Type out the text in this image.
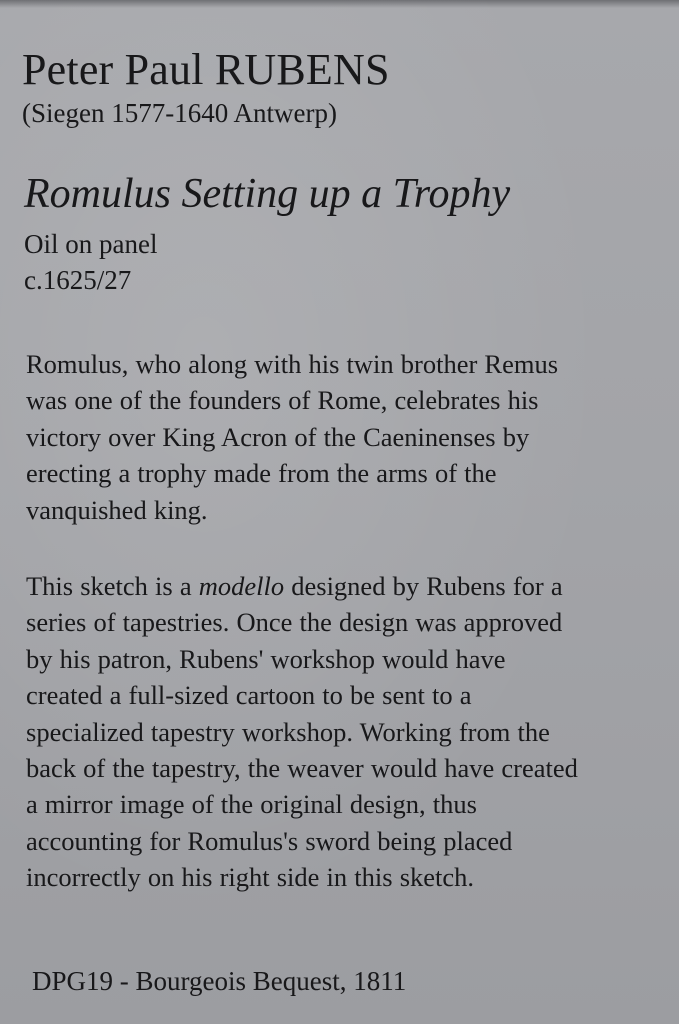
Peter Paul RUBENS
(Siegen 1577-1640 Antwerp)
Romulus Setting up a Trophy
Oil on panel
c.1625/27
Romulus, who along with his twin brother Remus
was one of the founders of Rome, celebrates his
victory over King Acron of the Caeninenses by
erecting a trophy made from the arms of the
vanquished king.
This sketch is a modello designed by Rubens for a
series of tapestries. Once the design was approved
by his patron, Rubens' workshop would have
created a full-sized cartoon to be sent to a
specialized tapestry workshop. Working from the
back of the tapestry, the weaver would have created
a mirror image of the original design, thus
accounting for Romulus's sword being placed
incorrectly on his right side in this sketch.
DPG19 - Bourgeois Bequest, 1811
